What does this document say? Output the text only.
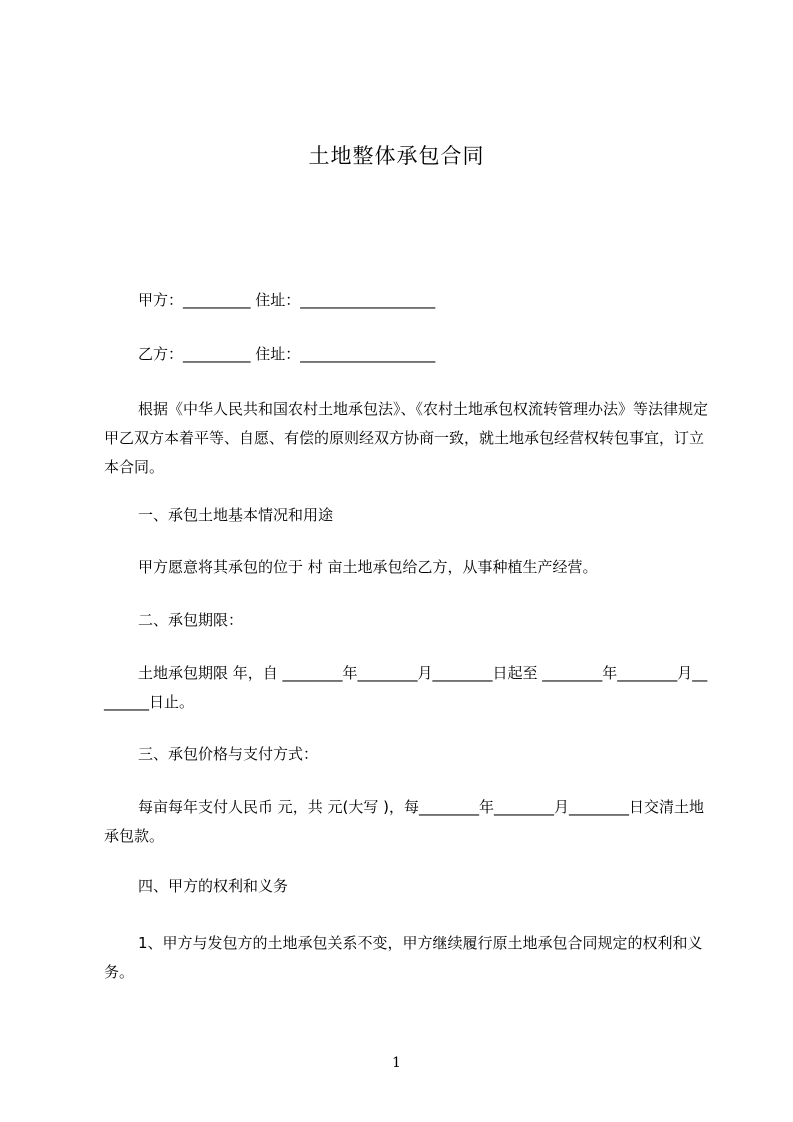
土地整体承包合同
甲方：_________ 住址：__________________
乙方：_________ 住址：__________________
根据《中华人民共和国农村土地承包法》、《农村土地承包权流转管理办法》等法律规定甲乙双方本着平等、自愿、有偿的原则经双方协商一致，就土地承包经营权转包事宜，订立本合同。
一、承包土地基本情况和用途
甲方愿意将其承包的位于 村 亩土地承包给乙方，从事种植生产经营。
二、承包期限：
土地承包期限 年，自 ________年________月________日起至 ________年________月________日止。
三、承包价格与支付方式：
每亩每年支付人民币 元，共 元(大写 )，每________年________月________日交清土地承包款。
四、甲方的权利和义务
1、甲方与发包方的土地承包关系不变，甲方继续履行原土地承包合同规定的权利和义务。
1
